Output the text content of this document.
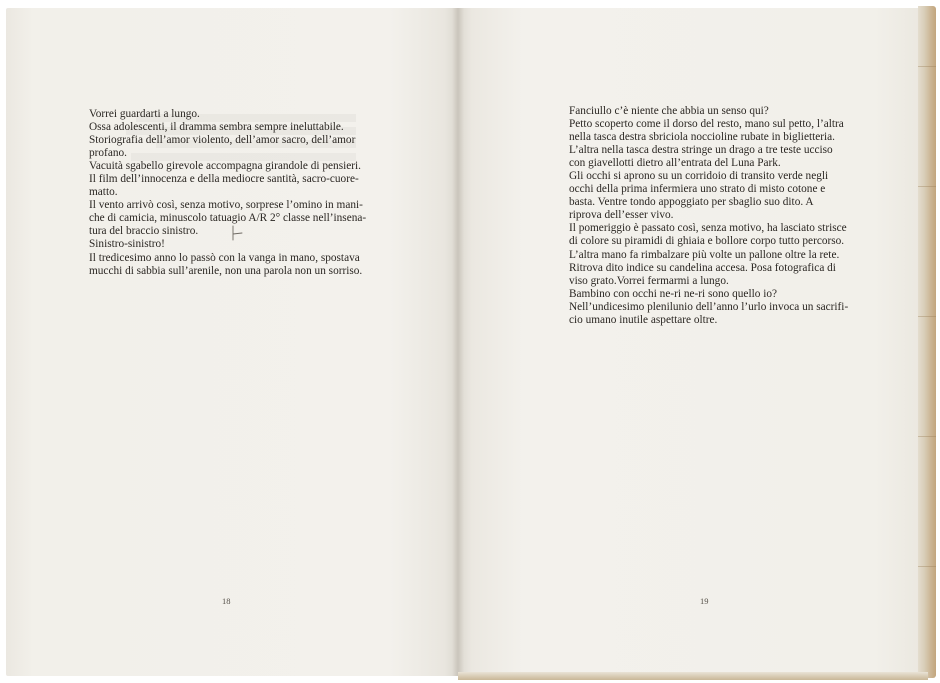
Vorrei guardarti a lungo.
Ossa adolescenti, il dramma sembra sempre ineluttabile.
Storiografia dell’amor violento, dell’amor sacro, dell’amor
profano.
Vacuità sgabello girevole accompagna girandole di pensieri.
Il film dell’innocenza e della mediocre santità, sacro-cuore-
matto.
Il vento arrivò così, senza motivo, sorprese l’omino in mani-
che di camicia, minuscolo tatuagio A/R 2° classe nell’insena-
tura del braccio sinistro.
Sinistro-sinistro!
Il tredicesimo anno lo passò con la vanga in mano, spostava
mucchi di sabbia sull’arenile, non una parola non un sorriso.
Fanciullo c’è niente che abbia un senso qui?
Petto scoperto come il dorso del resto, mano sul petto, l’altra
nella tasca destra sbriciola noccioline rubate in biglietteria.
L’altra nella tasca destra stringe un drago a tre teste ucciso
con giavellotti dietro all’entrata del Luna Park.
Gli occhi si aprono su un corridoio di transito verde negli
occhi della prima infermiera uno strato di misto cotone e
basta. Ventre tondo appoggiato per sbaglio suo dito. A
riprova dell’esser vivo.
Il pomeriggio è passato così, senza motivo, ha lasciato strisce
di colore su piramidi di ghiaia e bollore corpo tutto percorso.
L’altra mano fa rimbalzare più volte un pallone oltre la rete.
Ritrova dito indice su candelina accesa. Posa fotografica di
viso grato.Vorrei fermarmi a lungo.
Bambino con occhi ne-ri ne-ri sono quello io?
Nell’undicesimo plenilunio dell’anno l’urlo invoca un sacrifi-
cio umano inutile aspettare oltre.
18	19
